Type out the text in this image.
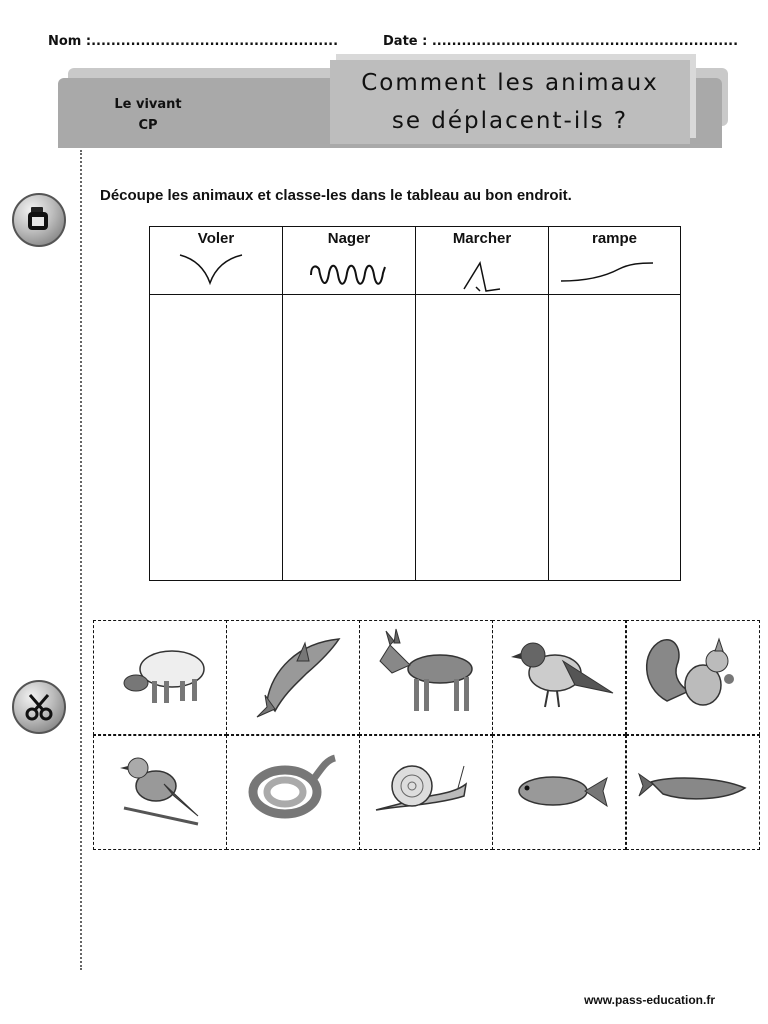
Nom :..................................................	Date : ..............................................................
Le vivant
CP
Comment les animaux
se déplacent-ils ?
Découpe les animaux et classe-les dans le tableau au bon endroit.
Voler	Nager	Marcher	rampe
www.pass-education.fr
